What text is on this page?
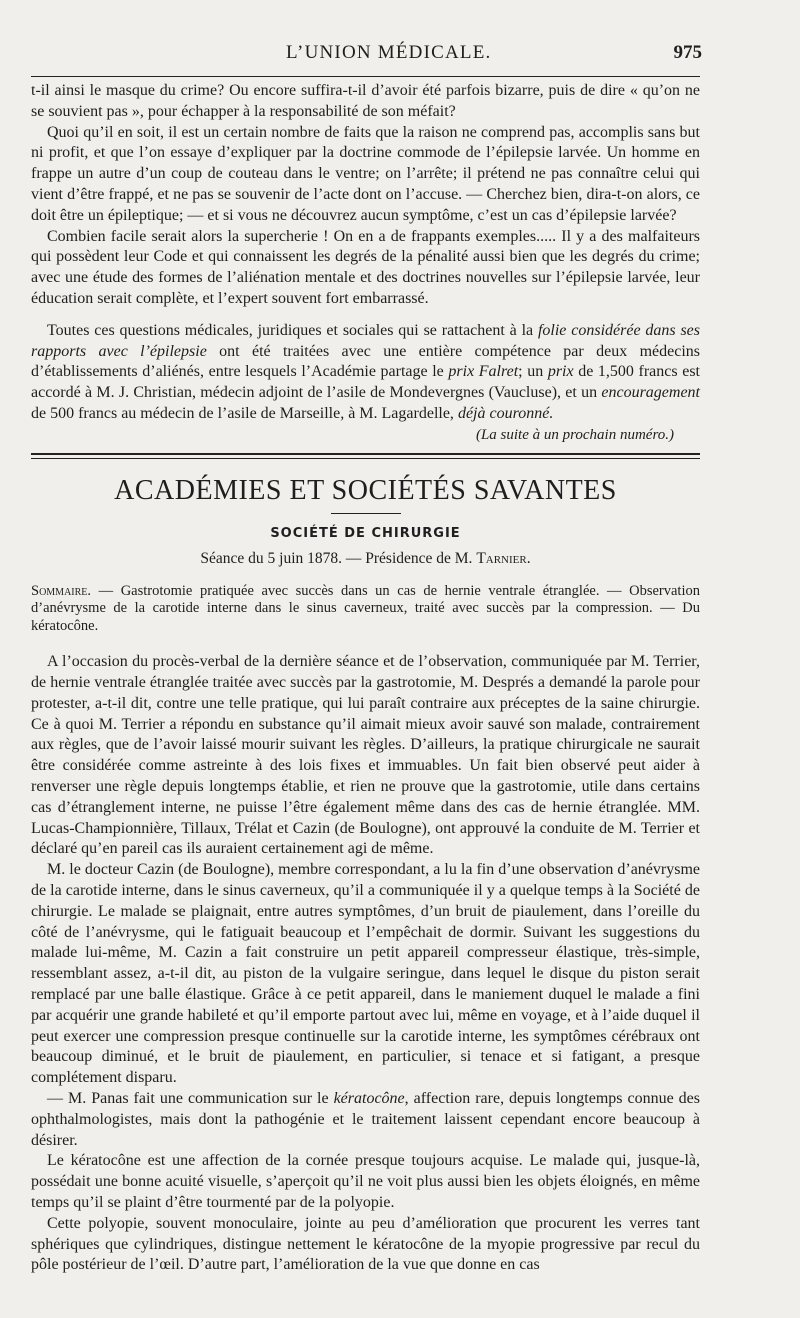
L’UNION MÉDICALE.	975

t-il ainsi le masque du crime? Ou encore suffira-t-il d’avoir été parfois bizarre, puis de dire « qu’on ne se souvient pas », pour échapper à la responsabilité de son méfait?

Quoi qu’il en soit, il est un certain nombre de faits que la raison ne comprend pas, accomplis sans but ni profit, et que l’on essaye d’expliquer par la doctrine commode de l’épilepsie larvée. Un homme en frappe un autre d’un coup de couteau dans le ventre; on l’arrête; il prétend ne pas connaître celui qui vient d’être frappé, et ne pas se souvenir de l’acte dont on l’accuse. — Cherchez bien, dira-t-on alors, ce doit être un épileptique; — et si vous ne découvrez aucun symptôme, c’est un cas d’épilepsie larvée?

Combien facile serait alors la supercherie ! On en a de frappants exemples..... Il y a des malfaiteurs qui possèdent leur Code et qui connaissent les degrés de la pénalité aussi bien que les degrés du crime; avec une étude des formes de l’aliénation mentale et des doctrines nouvelles sur l’épilepsie larvée, leur éducation serait complète, et l’expert souvent fort embarrassé.

Toutes ces questions médicales, juridiques et sociales qui se rattachent à la folie considérée dans ses rapports avec l’épilepsie ont été traitées avec une entière compétence par deux médecins d’établissements d’aliénés, entre lesquels l’Académie partage le prix Falret; un prix de 1,500 francs est accordé à M. J. Christian, médecin adjoint de l’asile de Mondevergnes (Vaucluse), et un encouragement de 500 francs au médecin de l’asile de Marseille, à M. Lagardelle, déjà couronné.

(La suite à un prochain numéro.)
ACADÉMIES ET SOCIÉTÉS SAVANTES
SOCIÉTÉ DE CHIRURGIE
Séance du 5 juin 1878. — Présidence de M. Tarnier.
Sommaire. — Gastrotomie pratiquée avec succès dans un cas de hernie ventrale étranglée. — Observation d’anévrysme de la carotide interne dans le sinus caverneux, traité avec succès par la compression. — Du kératocône.

A l’occasion du procès-verbal de la dernière séance et de l’observation, communiquée par M. Terrier, de hernie ventrale étranglée traitée avec succès par la gastrotomie, M. Després a demandé la parole pour protester, a-t-il dit, contre une telle pratique, qui lui paraît contraire aux préceptes de la saine chirurgie. Ce à quoi M. Terrier a répondu en substance qu’il aimait mieux avoir sauvé son malade, contrairement aux règles, que de l’avoir laissé mourir suivant les règles. D’ailleurs, la pratique chirurgicale ne saurait être considérée comme astreinte à des lois fixes et immuables. Un fait bien observé peut aider à renverser une règle depuis longtemps établie, et rien ne prouve que la gastrotomie, utile dans certains cas d’étranglement interne, ne puisse l’être également même dans des cas de hernie étranglée. MM. Lucas-Championnière, Tillaux, Trélat et Cazin (de Boulogne), ont approuvé la conduite de M. Terrier et déclaré qu’en pareil cas ils auraient certainement agi de même.

M. le docteur Cazin (de Boulogne), membre correspondant, a lu la fin d’une observation d’anévrysme de la carotide interne, dans le sinus caverneux, qu’il a communiquée il y a quelque temps à la Société de chirurgie. Le malade se plaignait, entre autres symptômes, d’un bruit de piaulement, dans l’oreille du côté de l’anévrysme, qui le fatiguait beaucoup et l’empêchait de dormir. Suivant les suggestions du malade lui-même, M. Cazin a fait construire un petit appareil compresseur élastique, très-simple, ressemblant assez, a-t-il dit, au piston de la vulgaire seringue, dans lequel le disque du piston serait remplacé par une balle élastique. Grâce à ce petit appareil, dans le maniement duquel le malade a fini par acquérir une grande habileté et qu’il emporte partout avec lui, même en voyage, et à l’aide duquel il peut exercer une compression presque continuelle sur la carotide interne, les symptômes cérébraux ont beaucoup diminué, et le bruit de piaulement, en particulier, si tenace et si fatigant, a presque complétement disparu.

— M. Panas fait une communication sur le kératocône, affection rare, depuis longtemps connue des ophthalmologistes, mais dont la pathogénie et le traitement laissent cependant encore beaucoup à désirer.

Le kératocône est une affection de la cornée presque toujours acquise. Le malade qui, jusque-là, possédait une bonne acuité visuelle, s’aperçoit qu’il ne voit plus aussi bien les objets éloignés, en même temps qu’il se plaint d’être tourmenté par de la polyopie.

Cette polyopie, souvent monoculaire, jointe au peu d’amélioration que procurent les verres tant sphériques que cylindriques, distingue nettement le kératocône de la myopie progressive par recul du pôle postérieur de l’œil. D’autre part, l’amélioration de la vue que donne en cas
